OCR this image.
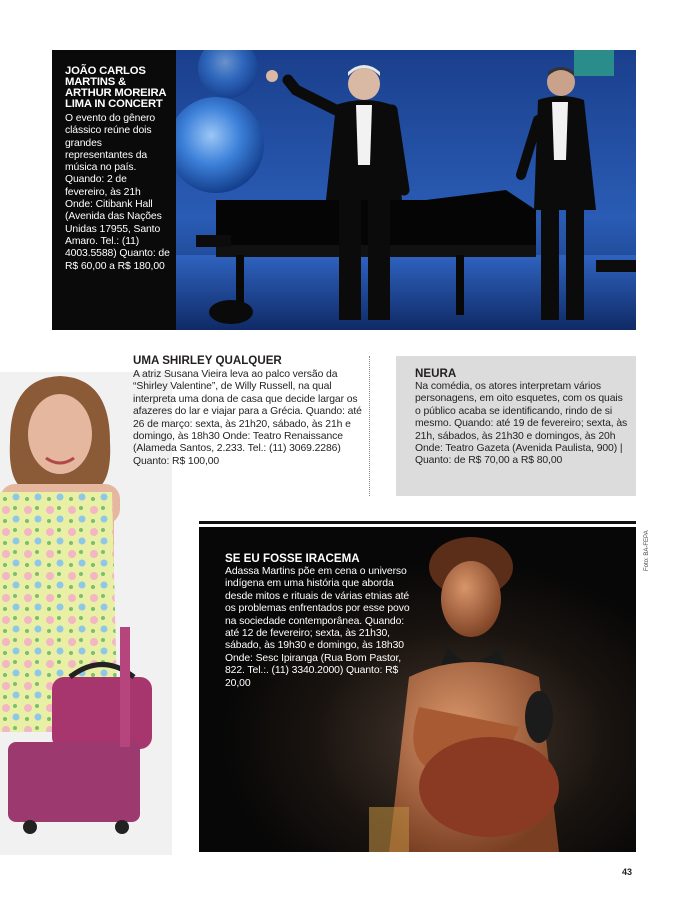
JOÃO CARLOS MARTINS & ARTHUR MOREIRA LIMA IN CONCERT
O evento do gênero clássico reúne dois grandes representantes da música no país. Quando: 2 de fevereiro, às 21h Onde: Citibank Hall (Avenida das Nações Unidas 17955, Santo Amaro. Tel.: (11) 4003.5588) Quanto: de R$ 60,00 a R$ 180,00
UMA SHIRLEY QUALQUER
A atriz Susana Vieira leva ao palco versão da “Shirley Valentine”, de Willy Russell, na qual interpreta uma dona de casa que decide largar os afazeres do lar e viajar para a Grécia. Quando: até 26 de março: sexta, às 21h20, sábado, às 21h e domingo, às 18h30 Onde: Teatro Renaissance (Alameda Santos, 2.233. Tel.: (11) 3069.2286) Quanto: R$ 100,00
NEURA
Na comédia, os atores interpretam vários personagens, em oito esquetes, com os quais o público acaba se identificando, rindo de si mesmo. Quando: até 19 de fevereiro; sexta, às 21h, sábados, às 21h30 e domingos, às 20h Onde: Teatro Gazeta (Avenida Paulista, 900) | Quanto: de R$ 70,00 a R$ 80,00
SE EU FOSSE IRACEMA
Adassa Martins põe em cena o universo indígena em uma história que aborda desde mitos e rituais de várias etnias até os problemas enfrentados por esse povo na sociedade contemporânea. Quando: até 12 de fevereiro; sexta, às 21h30, sábado, às 19h30 e domingo, às 18h30 Onde: Sesc Ipiranga (Rua Bom Pastor, 822. Tel.:. (11) 3340.2000) Quanto: R$ 20,00
Foto: BA-FEPA
43
